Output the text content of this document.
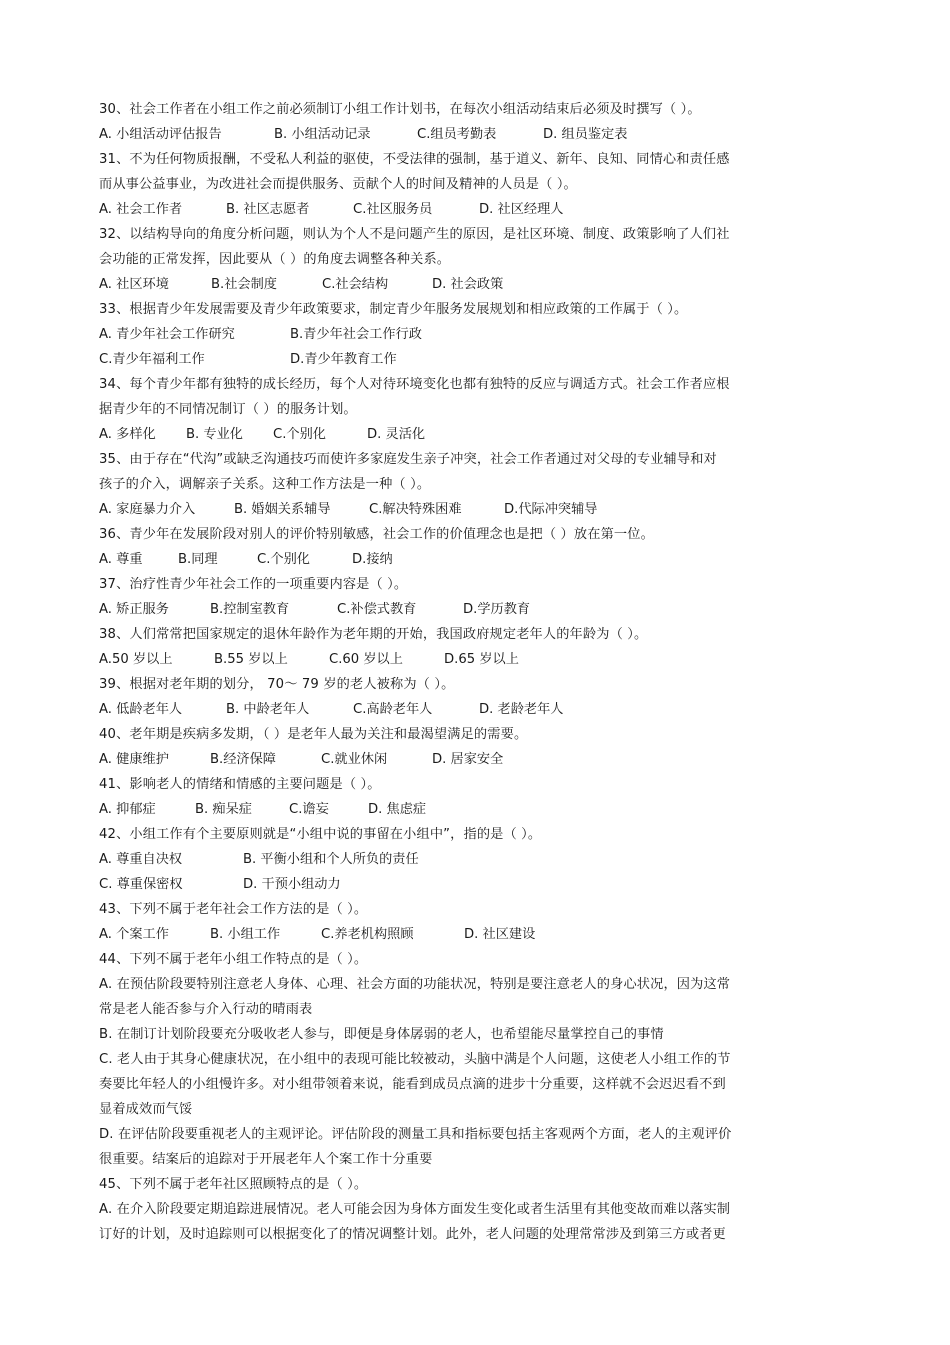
30、社会工作者在小组工作之前必须制订小组工作计划书，在每次小组活动结束后必须及时撰写（ ）。
A. 小组活动评估报告	B. 小组活动记录	C.组员考勤表	D. 组员鉴定表
31、不为任何物质报酬，不受私人利益的驱使，不受法律的强制，基于道义、新年、良知、同情心和责任感
而从事公益事业，为改进社会而提供服务、贡献个人的时间及精神的人员是（ ）。
A. 社会工作者	B. 社区志愿者	C.社区服务员	D. 社区经理人
32、以结构导向的角度分析问题，则认为个人不是问题产生的原因，是社区环境、制度、政策影响了人们社
会功能的正常发挥，因此要从（ ）的角度去调整各种关系。
A. 社区环境	B.社会制度	C.社会结构	D. 社会政策
33、根据青少年发展需要及青少年政策要求，制定青少年服务发展规划和相应政策的工作属于（ ）。
A. 青少年社会工作研究	B.青少年社会工作行政
C.青少年福利工作	D.青少年教育工作
34、每个青少年都有独特的成长经历，每个人对待环境变化也都有独特的反应与调适方式。社会工作者应根
据青少年的不同情况制订（ ）的服务计划。
A. 多样化	B. 专业化	C.个别化	D. 灵活化
35、由于存在“代沟”或缺乏沟通技巧而使许多家庭发生亲子冲突，社会工作者通过对父母的专业辅导和对
孩子的介入，调解亲子关系。这种工作方法是一种（ ）。
A. 家庭暴力介入	B. 婚姻关系辅导	C.解决特殊困难	D.代际冲突辅导
36、青少年在发展阶段对别人的评价特别敏感，社会工作的价值理念也是把（ ）放在第一位。
A. 尊重	B.同理	C.个别化	D.接纳
37、治疗性青少年社会工作的一项重要内容是（ ）。
A. 矫正服务	B.控制室教育	C.补偿式教育	D.学历教育
38、人们常常把国家规定的退休年龄作为老年期的开始，我国政府规定老年人的年龄为（ ）。
A.50 岁以上	B.55 岁以上	C.60 岁以上	D.65 岁以上
39、根据对老年期的划分， 70～ 79 岁的老人被称为（ ）。
A. 低龄老年人	B. 中龄老年人	C.高龄老年人	D. 老龄老年人
40、老年期是疾病多发期，（ ）是老年人最为关注和最渴望满足的需要。
A. 健康维护	B.经济保障	C.就业休闲	D. 居家安全
41、影响老人的情绪和情感的主要问题是（ ）。
A. 抑郁症	B. 痴呆症	C.谵妄	D. 焦虑症
42、小组工作有个主要原则就是“小组中说的事留在小组中”，指的是（ ）。
A. 尊重自决权	B. 平衡小组和个人所负的责任
C. 尊重保密权	D. 干预小组动力
43、下列不属于老年社会工作方法的是（ ）。
A. 个案工作	B. 小组工作	C.养老机构照顾	D. 社区建设
44、下列不属于老年小组工作特点的是（ ）。
A. 在预估阶段要特别注意老人身体、心理、社会方面的功能状况，特别是要注意老人的身心状况，因为这常
常是老人能否参与介入行动的晴雨表
B. 在制订计划阶段要充分吸收老人参与，即便是身体孱弱的老人，也希望能尽量掌控自己的事情
C. 老人由于其身心健康状况，在小组中的表现可能比较被动，头脑中满是个人问题，这使老人小组工作的节
奏要比年轻人的小组慢许多。对小组带领着来说，能看到成员点滴的进步十分重要，这样就不会迟迟看不到
显着成效而气馁
D. 在评估阶段要重视老人的主观评论。评估阶段的测量工具和指标要包括主客观两个方面，老人的主观评价
很重要。结案后的追踪对于开展老年人个案工作十分重要
45、下列不属于老年社区照顾特点的是（ ）。
A. 在介入阶段要定期追踪进展情况。老人可能会因为身体方面发生变化或者生活里有其他变故而难以落实制
订好的计划，及时追踪则可以根据变化了的情况调整计划。此外，老人问题的处理常常涉及到第三方或者更
